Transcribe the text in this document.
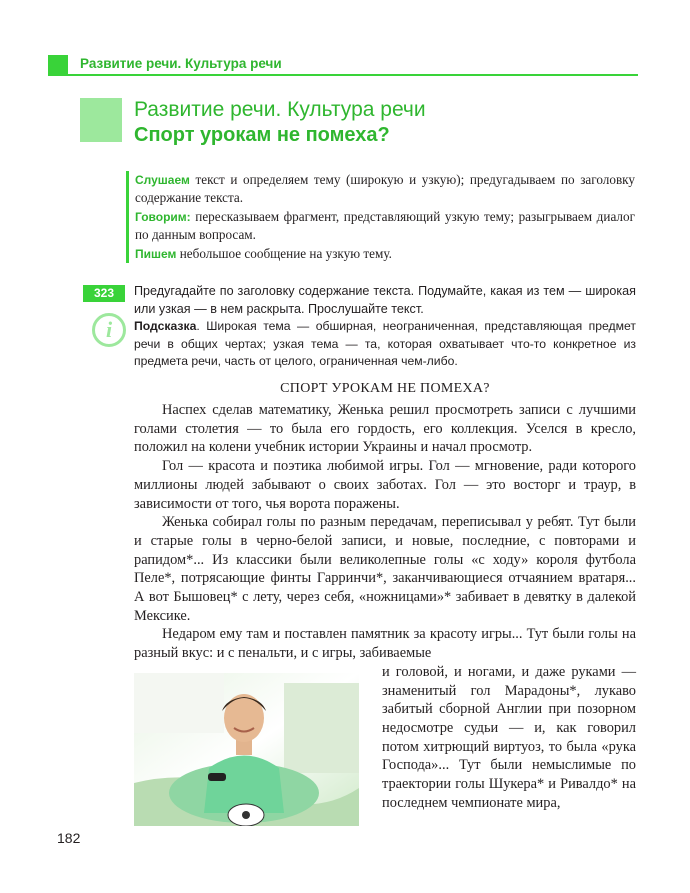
Развитие речи. Культура речи
Развитие речи. Культура речи
Спорт урокам не помеха?

Слушаем текст и определяем тему (широкую и узкую); предугадываем по заголовку содержание текста.

Говорим: пересказываем фрагмент, представляющий узкую тему; разыгрываем диалог по данным вопросам.

Пишем небольшое сообщение на узкую тему.

323	Предугадайте по заголовку содержание текста. Подумайте, какая из тем — широкая или узкая — в нем раскрыта. Прослушайте текст.
i	Подсказка. Широкая тема — обширная, неограниченная, представляющая предмет речи в общих чертах; узкая тема — та, которая охватывает что-то конкретное из предмета речи, часть от целого, ограниченная чем-либо.
СПОРТ УРОКАМ НЕ ПОМЕХА?

Наспех сделав математику, Женька решил просмотреть записи с лучшими голами столетия — то была его гордость, его коллекция. Уселся в кресло, положил на колени учебник истории Украины и начал просмотр.

Гол — красота и поэтика любимой игры. Гол — мгновение, ради которого миллионы людей забывают о своих заботах. Гол — это восторг и траур, в зависимости от того, чья ворота поражены.

Женька собирал голы по разным передачам, переписывал у ребят. Тут были и старые голы в черно-белой записи, и новые, последние, с повторами и рапидом*... Из классики были великолепные голы «с ходу» короля футбола Пеле*, потрясающие финты Гарринчи*, заканчивающиеся отчаянием вратаря... А вот Бышовец* с лету, через себя, «ножницами»* забивает в девятку в далекой Мексике.

Недаром ему там и поставлен памятник за красоту игры... Тут были голы на разный вкус: и с пенальти, и с игры, забиваемые

и головой, и ногами, и даже руками — знаменитый гол Марадоны*, лукаво забитый сборной Англии при позорном недосмотре судьи — и, как говорил потом хитрющий виртуоз, то была «рука Господа»... Тут были немыслимые по траектории голы Шукера* и Ривалдо* на последнем чемпионате мира,

182
